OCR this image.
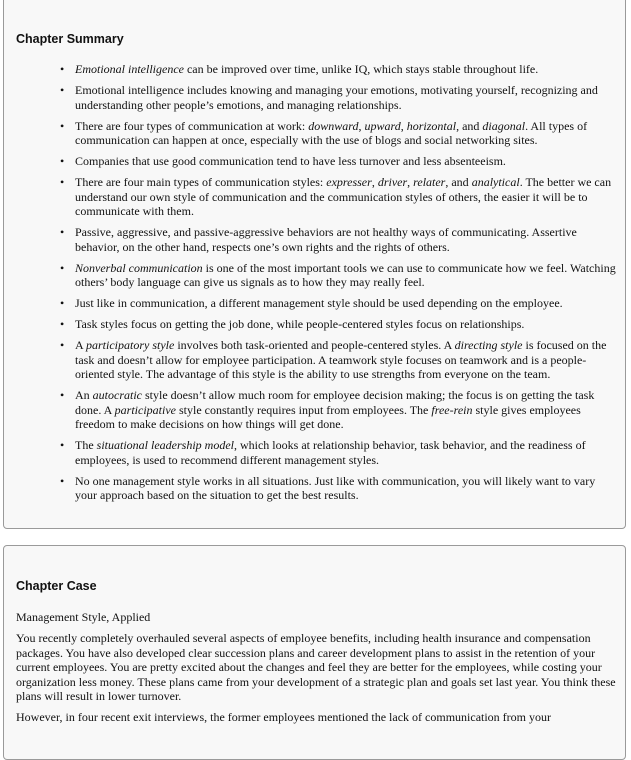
Chapter Summary
• Emotional intelligence can be improved over time, unlike IQ, which stays stable throughout life.
• Emotional intelligence includes knowing and managing your emotions, motivating yourself, recognizing and understanding other people’s emotions, and managing relationships.
• There are four types of communication at work: downward, upward, horizontal, and diagonal. All types of communication can happen at once, especially with the use of blogs and social networking sites.
• Companies that use good communication tend to have less turnover and less absenteeism.
• There are four main types of communication styles: expresser, driver, relater, and analytical. The better we can understand our own style of communication and the communication styles of others, the easier it will be to communicate with them.
• Passive, aggressive, and passive-aggressive behaviors are not healthy ways of communicating. Assertive behavior, on the other hand, respects one’s own rights and the rights of others.
• Nonverbal communication is one of the most important tools we can use to communicate how we feel. Watching others’ body language can give us signals as to how they may really feel.
• Just like in communication, a different management style should be used depending on the employee.
• Task styles focus on getting the job done, while people-centered styles focus on relationships.
• A participatory style involves both task-oriented and people-centered styles. A directing style is focused on the task and doesn’t allow for employee participation. A teamwork style focuses on teamwork and is a people-oriented style. The advantage of this style is the ability to use strengths from everyone on the team.
• An autocratic style doesn’t allow much room for employee decision making; the focus is on getting the task done. A participative style constantly requires input from employees. The free-rein style gives employees freedom to make decisions on how things will get done.
• The situational leadership model, which looks at relationship behavior, task behavior, and the readiness of employees, is used to recommend different management styles.
• No one management style works in all situations. Just like with communication, you will likely want to vary your approach based on the situation to get the best results.
Chapter Case

Management Style, Applied

You recently completely overhauled several aspects of employee benefits, including health insurance and compensation packages. You have also developed clear succession plans and career development plans to assist in the retention of your current employees. You are pretty excited about the changes and feel they are better for the employees, while costing your organization less money. These plans came from your development of a strategic plan and goals set last year. You think these plans will result in lower turnover.

However, in four recent exit interviews, the former employees mentioned the lack of communication from your
